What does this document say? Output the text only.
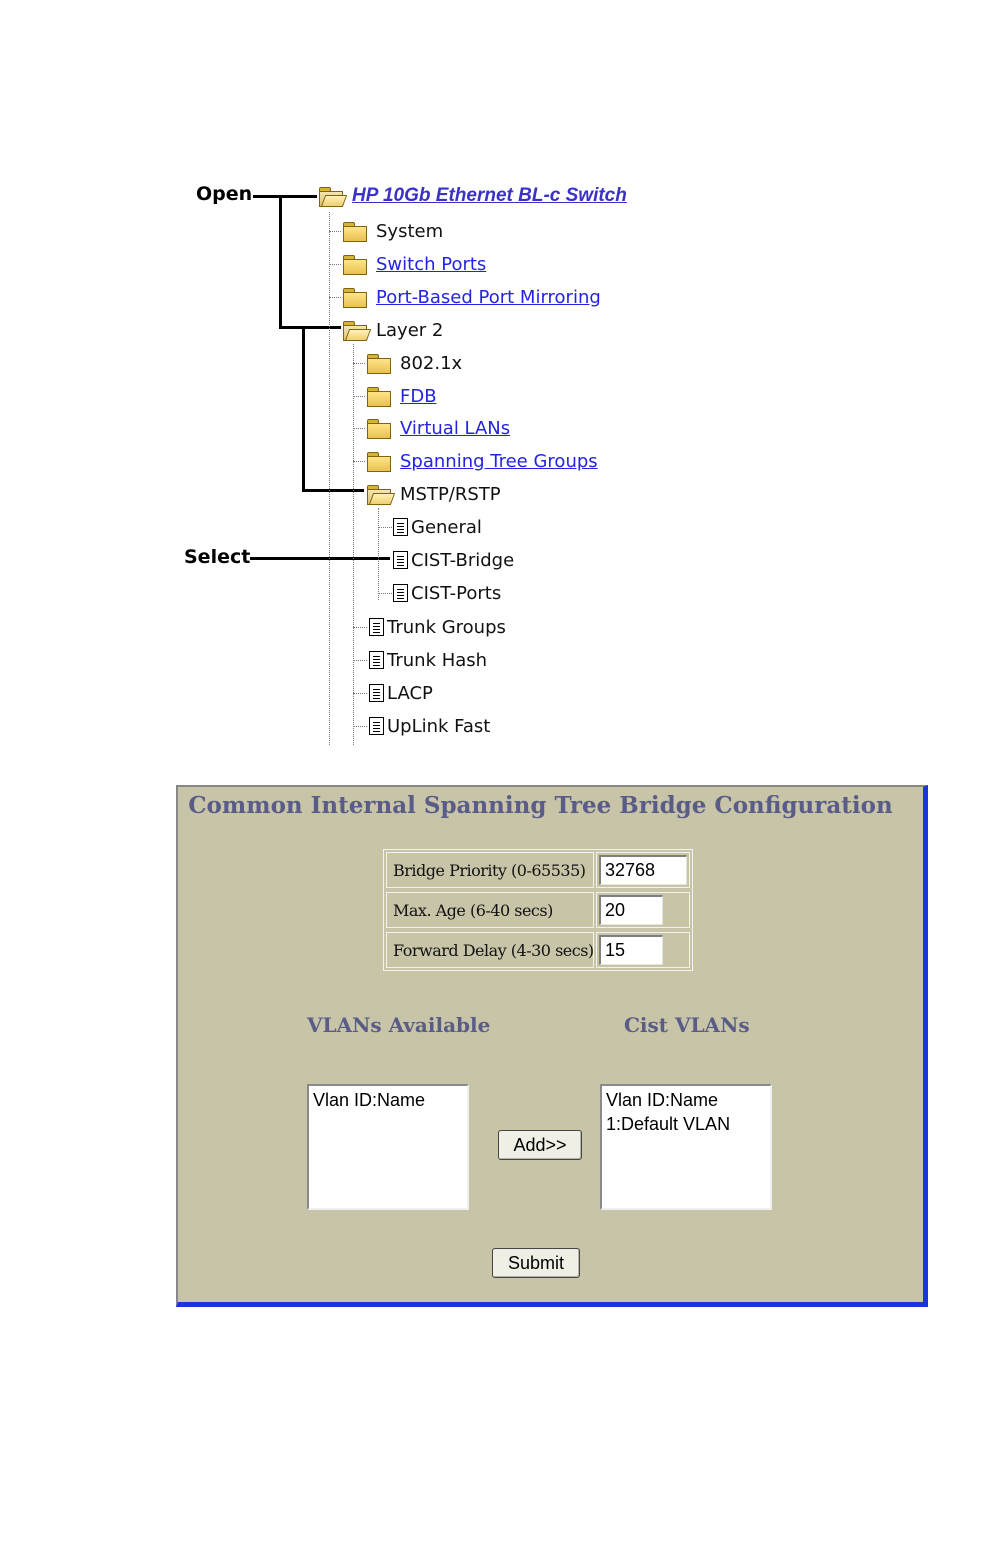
Open
Select
HP 10Gb Ethernet BL-c Switch
System
Switch Ports
Port-Based Port Mirroring
Layer 2
802.1x
FDB
Virtual LANs
Spanning Tree Groups
MSTP/RSTP
General
CIST-Bridge
CIST-Ports
Trunk Groups
Trunk Hash
LACP
UpLink Fast
Common Internal Spanning Tree Bridge Configuration
Bridge Priority (0-65535)
32768
Max. Age (6-40 secs)
20
Forward Delay (4-30 secs)
15
VLANs Available	Cist VLANs
Vlan ID:Name
Add>>
Vlan ID:Name
1:Default VLAN
Submit
